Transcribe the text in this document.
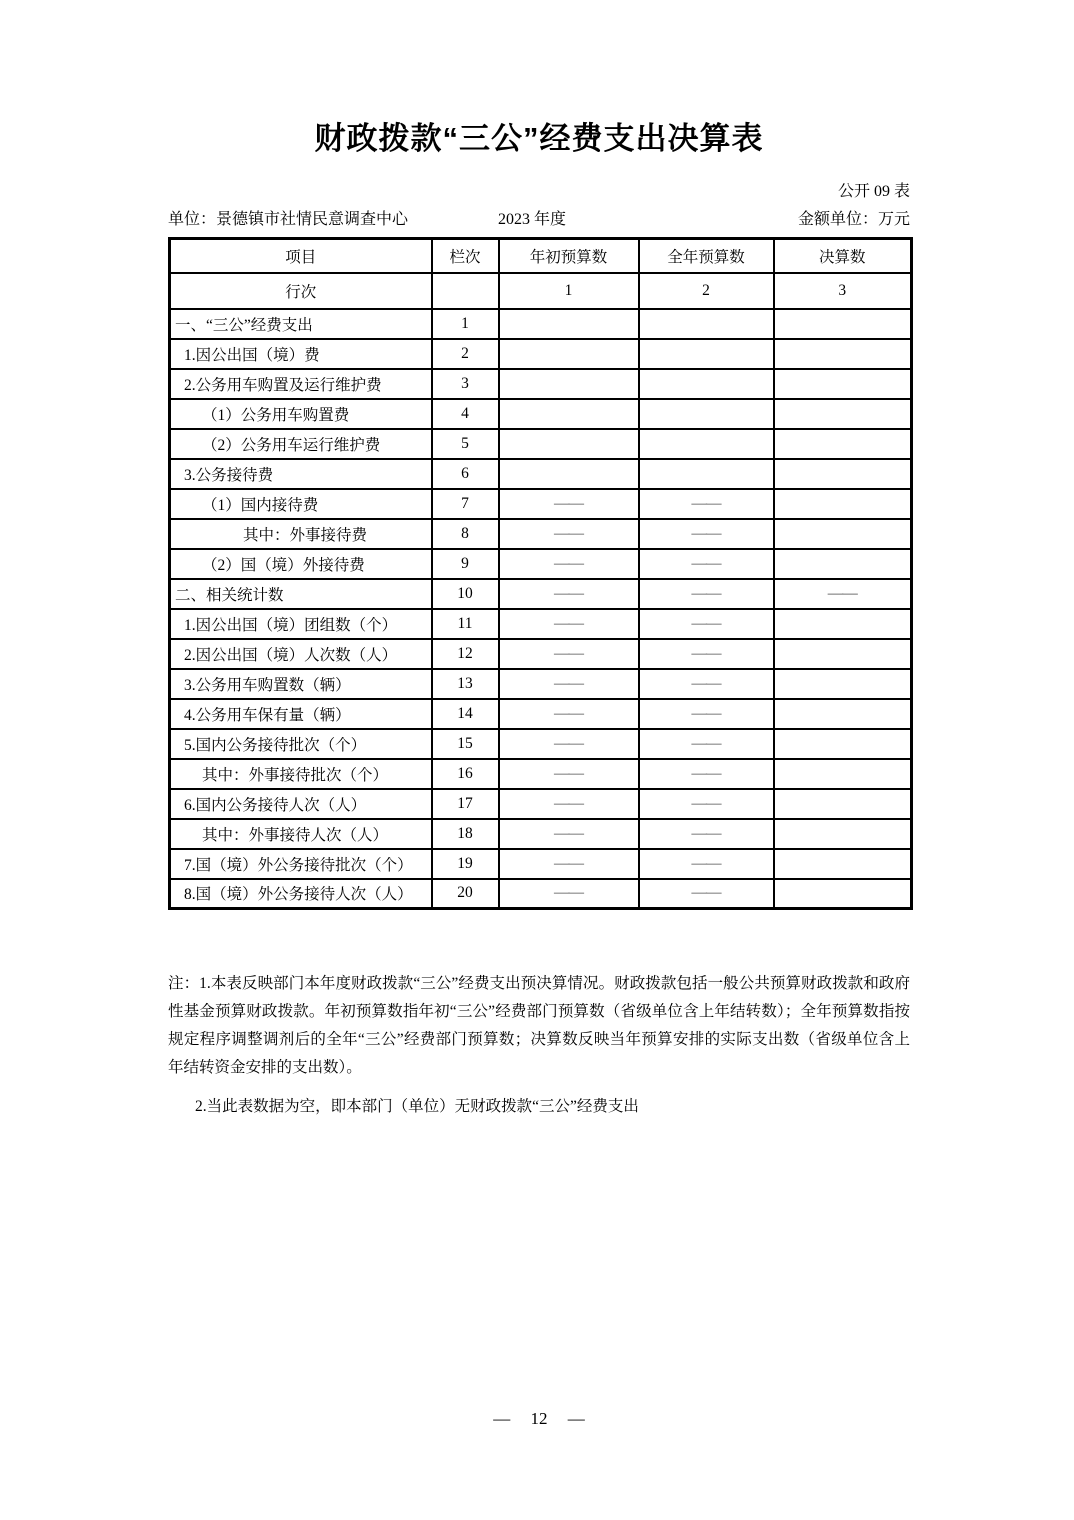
财政拨款“三公”经费支出决算表
公开 09 表
单位：景德镇市社情民意调查中心	2023 年度	金额单位：万元
项目	栏次	年初预算数	全年预算数	决算数
行次		1	2	3
一、“三公”经费支出	1			
1.因公出国（境）费	2			
2.公务用车购置及运行维护费	3			
（1）公务用车购置费	4			
（2）公务用车运行维护费	5			
3.公务接待费	6			
（1）国内接待费	7	——	——	
其中：外事接待费	8	——	——	
（2）国（境）外接待费	9	——	——	
二、相关统计数	10	——	——	——
1.因公出国（境）团组数（个）	11	——	——	
2.因公出国（境）人次数（人）	12	——	——	
3.公务用车购置数（辆）	13	——	——	
4.公务用车保有量（辆）	14	——	——	
5.国内公务接待批次（个）	15	——	——	
其中：外事接待批次（个）	16	——	——	
6.国内公务接待人次（人）	17	——	——	
其中：外事接待人次（人）	18	——	——	
7.国（境）外公务接待批次（个）	19	——	——	
8.国（境）外公务接待人次（人）	20	——	——	

注：1.本表反映部门本年度财政拨款“三公”经费支出预决算情况。财政拨款包括一般公共预算财政拨款和政府性基金预算财政拨款。年初预算数指年初“三公”经费部门预算数（省级单位含上年结转数）；全年预算数指按规定程序调整调剂后的全年“三公”经费部门预算数；决算数反映当年预算安排的实际支出数（省级单位含上年结转资金安排的支出数）。

2.当此表数据为空，即本部门（单位）无财政拨款“三公”经费支出

— 12 —
